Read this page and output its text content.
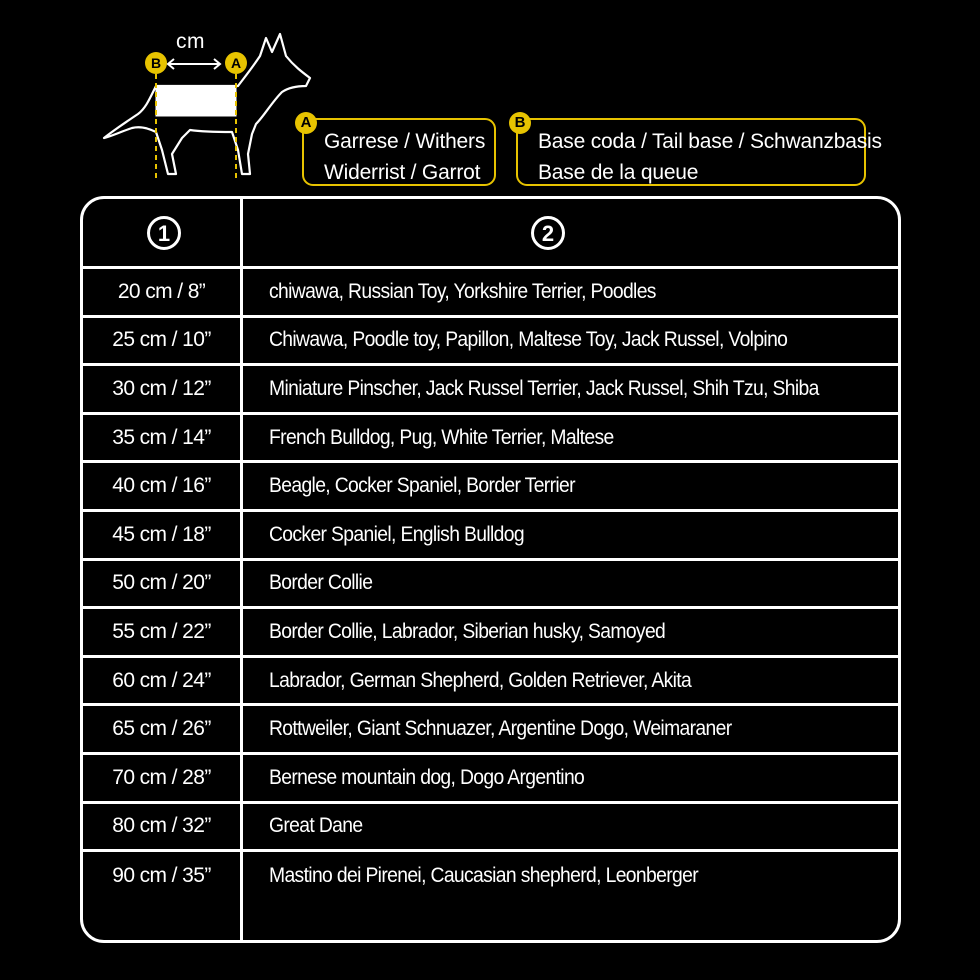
cm
B	A
A
Garrese / Withers
Widerrist / Garrot
B
Base coda / Tail base / Schwanzbasis
Base de la queue
1	2
20 cm / 8”	chiwawa, Russian Toy, Yorkshire Terrier, Poodles
25 cm / 10”	Chiwawa, Poodle toy, Papillon, Maltese Toy, Jack Russel, Volpino
30 cm / 12”	Miniature Pinscher, Jack Russel Terrier, Jack Russel, Shih Tzu, Shiba
35 cm / 14”	French Bulldog, Pug, White Terrier, Maltese
40 cm / 16”	Beagle, Cocker Spaniel, Border Terrier
45 cm / 18”	Cocker Spaniel, English Bulldog
50 cm / 20”	Border Collie
55 cm / 22”	Border Collie, Labrador, Siberian husky, Samoyed
60 cm / 24”	Labrador, German Shepherd, Golden Retriever, Akita
65 cm / 26”	Rottweiler, Giant Schnuazer, Argentine Dogo, Weimaraner
70 cm / 28”	Bernese mountain dog, Dogo Argentino
80 cm / 32”	Great Dane
90 cm / 35”	Mastino dei Pirenei, Caucasian shepherd, Leonberger
